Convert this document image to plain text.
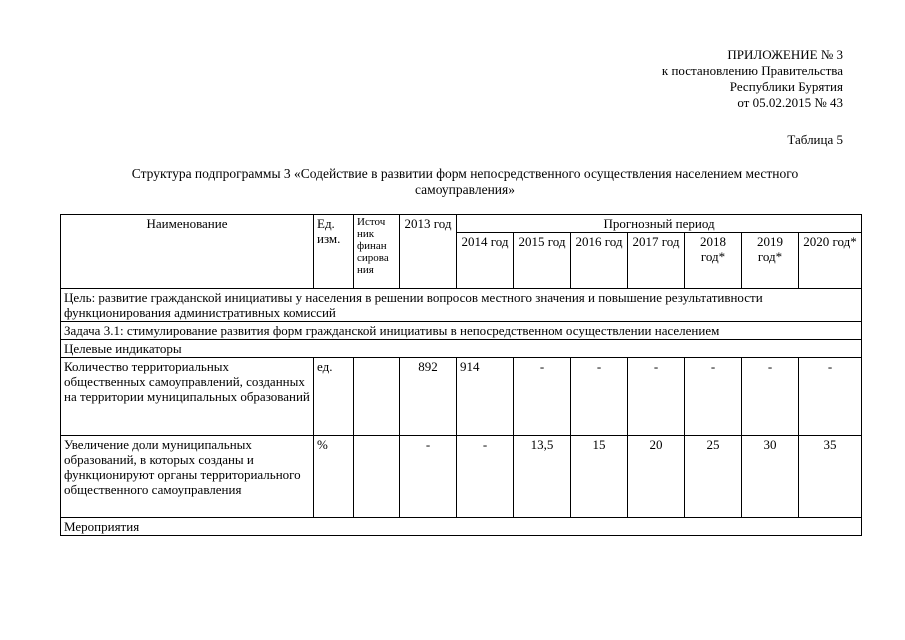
ПРИЛОЖЕНИЕ № 3
к постановлению Правительства
Республики Бурятия
от 05.02.2015 № 43
Таблица 5
Структура подпрограммы 3 «Содействие в развитии форм непосредственного осуществления населением местного
самоуправления»
Наименование	Ед. изм.	Источ ник финан сирова ния	2013 год	Прогнозный период						
				2014 год	2015 год	2016 год	2017 год	2018 год*	2019 год*	2020 год*
Цель: развитие гражданской инициативы у населения в решении вопросов местного значения и повышение результативности функционирования административных комиссий										
Задача 3.1: стимулирование развития форм гражданской инициативы в непосредственном осуществлении населением										
Целевые индикаторы										
Количество территориальных общественных самоуправлений, созданных на территории муниципальных образований	ед.		892	914	-	-	-	-	-	-
Увеличение доли муниципальных образований, в которых созданы и функционируют органы территориального общественного самоуправления	%		-	-	13,5	15	20	25	30	35
Мероприятия										
